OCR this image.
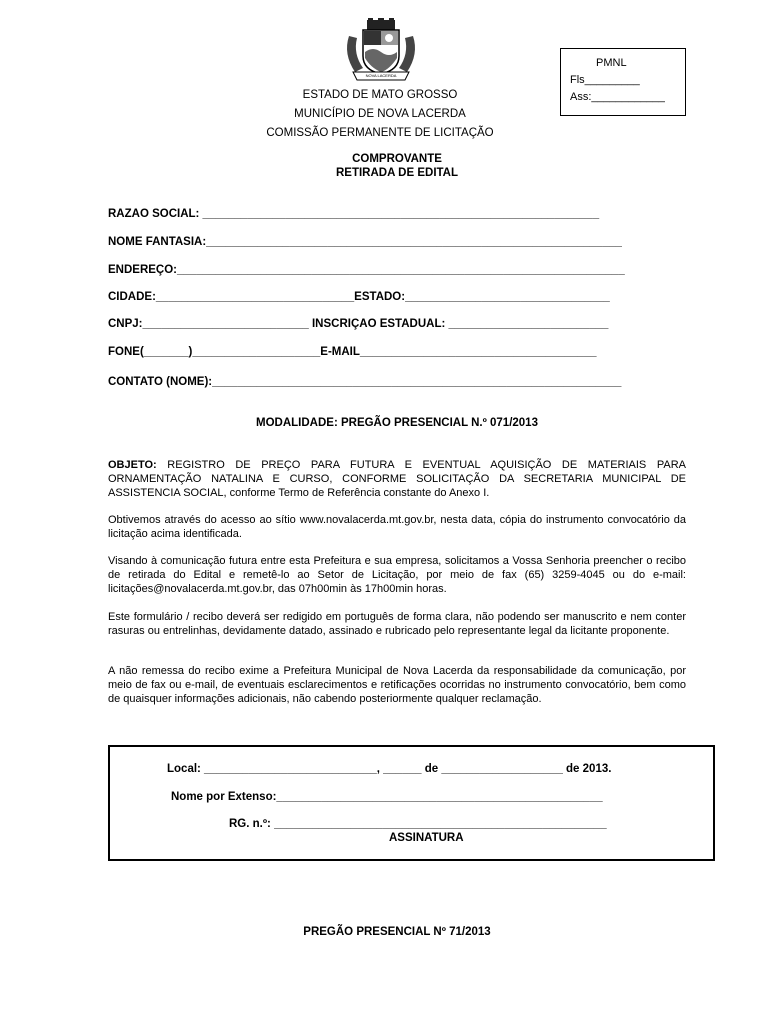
NOVA LACERDA
PMNL
Fls_________
Ass:____________
ESTADO DE MATO GROSSO
MUNICÍPIO DE NOVA LACERDA
COMISSÃO PERMANENTE DE LICITAÇÃO
COMPROVANTE
RETIRADA DE EDITAL
RAZÃO SOCIAL: ______________________________________________________________
NOME FANTASIA:_________________________________________________________________
ENDEREÇO:______________________________________________________________________
CIDADE:_______________________________ESTADO:________________________________
CNPJ:__________________________ INSCRIÇÃO ESTADUAL: _________________________
FONE(_______)____________________E-MAIL_____________________________________
CONTATO (NOME):________________________________________________________________
MODALIDADE: PREGÃO PRESENCIAL N.º 071/2013
OBJETO: REGISTRO DE PREÇO PARA FUTURA E EVENTUAL AQUISIÇÃO DE MATERIAIS PARA ORNAMENTAÇÃO NATALINA E CURSO, CONFORME SOLICITAÇÃO DA SECRETARIA MUNICIPAL DE ASSISTENCIA SOCIAL, conforme Termo de Referência constante do Anexo I.
Obtivemos através do acesso ao sítio www.novalacerda.mt.gov.br, nesta data, cópia do instrumento convocatório da licitação acima identificada.
Visando à comunicação futura entre esta Prefeitura e sua empresa, solicitamos a Vossa Senhoria preencher o recibo de retirada do Edital e remetê-lo ao Setor de Licitação, por meio de fax (65) 3259-4045 ou do e-mail: licitações@novalacerda.mt.gov.br, das 07h00min às 17h00min horas.
Este formulário / recibo deverá ser redigido em português de forma clara, não podendo ser manuscrito e nem conter rasuras ou entrelinhas, devidamente datado, assinado e rubricado pelo representante legal da licitante proponente.
A não remessa do recibo exime a Prefeitura Municipal de Nova Lacerda da responsabilidade da comunicação, por meio de fax ou e-mail, de eventuais esclarecimentos e retificações ocorridas no instrumento convocatório, bem como de quaisquer informações adicionais, não cabendo posteriormente qualquer reclamação.
Local: ___________________________, ______ de ___________________ de 2013.
Nome por Extenso:___________________________________________________
RG. n.º: ____________________________________________________
ASSINATURA
PREGÃO PRESENCIAL Nº 71/2013
